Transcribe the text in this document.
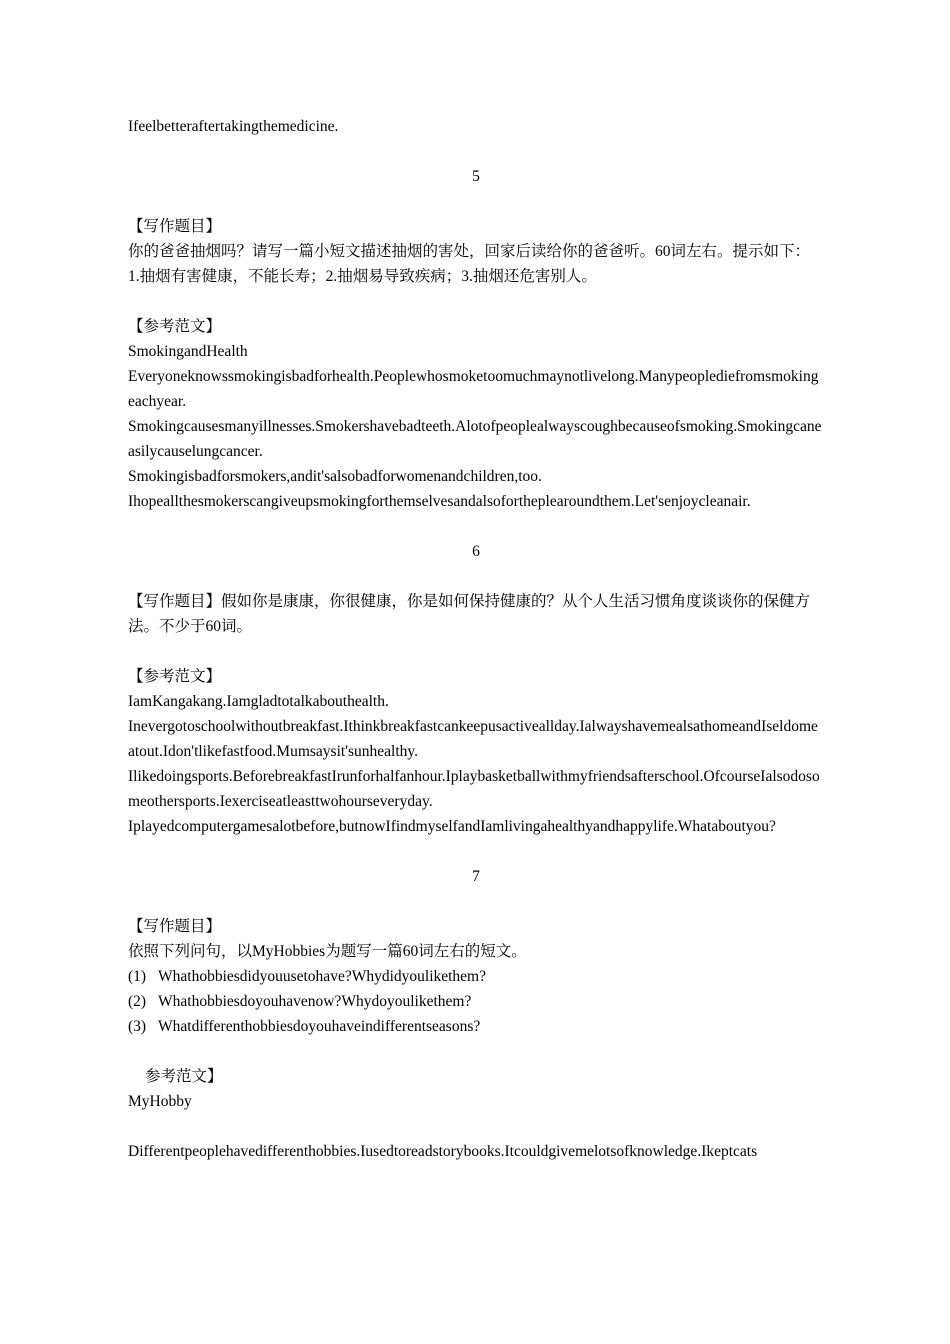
Ifeelbetteraftertakingthemedicine.

5

【写作题目】

你的爸爸抽烟吗？请写一篇小短文描述抽烟的害处，回家后读给你的爸爸听。60词左右。提示如下：

1.抽烟有害健康，不能长寿；2.抽烟易导致疾病；3.抽烟还危害别人。

【参考范文】

SmokingandHealth

Everyoneknowssmokingisbadforhealth.Peoplewhosmoketoomuchmaynotlivelong.Manypeoplediefromsmokingeachyear.

Smokingcausesmanyillnesses.Smokershavebadteeth.Alotofpeoplealwayscoughbecauseofsmoking.Smokingcaneasilycauselungcancer.

Smokingisbadforsmokers,andit'salsobadforwomenandchildren,too.

Ihopeallthesmokerscangiveupsmokingforthemselvesandalsofortheplearoundthem.Let'senjoycleanair.

6

【写作题目】假如你是康康，你很健康，你是如何保持健康的？从个人生活习惯角度谈谈你的保健方法。不少于60词。

【参考范文】

IamKangakang.Iamgladtotalkabouthealth.

Inevergotoschoolwithoutbreakfast.Ithinkbreakfastcankeepusactiveallday.IalwayshavemealsathomeandIseldomeatout.Idon'tlikefastfood.Mumsaysit'sunhealthy.

Ilikedoingsports.BeforebreakfastIrunforhalfanhour.Iplaybasketballwithmyfriendsafterschool.OfcourseIalsodosomeothersports.Iexerciseatleasttwohourseveryday.

Iplayedcomputergamesalotbefore,butnowIfindmyselfandIamlivingahealthyandhappylife.Whataboutyou?

7

【写作题目】

依照下列问句，以MyHobbies为题写一篇60词左右的短文。

(1) Whathobbiesdidyouusetohave?Whydidyoulikethem?
(2) Whathobbiesdoyouhavenow?Whydoyoulikethem?
(3) Whatdifferenthobbiesdoyouhaveindifferentseasons?

参考范文】

MyHobby

Differentpeoplehavedifferenthobbies.Iusedtoreadstorybooks.Itcouldgivemelotsofknowledge.Ikeptcats
